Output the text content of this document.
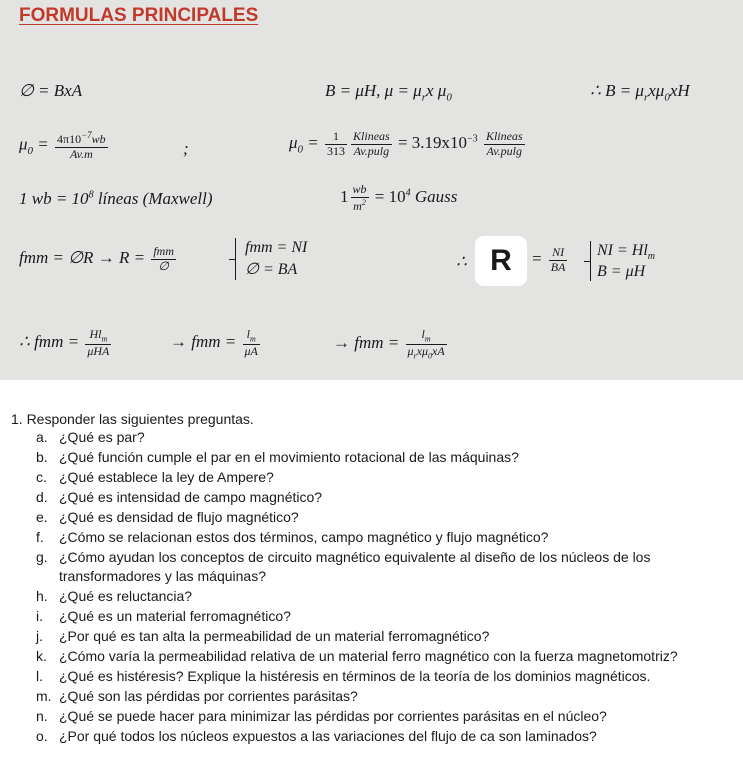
FORMULAS PRINCIPALES
∅ = BxA	B = μH, $\mu = \mu_rx$ $\mu_0$	∴ $B = \mu_rx\mu_0xH$
$\mu_0 = \frac{4\pi 10^{-7}wb}{Av.m}$	;	$\mu_0 = \frac{1}{313} \frac{\text{Klineas}}{Av.pulg} = 3.19x10^{-3} \frac{\text{Klineas}}{Av.pulg}$
1 wb = $10^8$ líneas (Maxwell)	$1 \frac{wb}{m^2} = 10^4$ Gauss
fmm = ∅R → $R = \frac{\text{fmm}}{\emptyset}$	fmm = NI
∅ = BA	∴ R	= $\frac{NI}{BA}$ NI = $Hl_m$
B = μH
∴ fmm = $\frac{Hl_m}{\text{μHA}}$	→ fmm = $\frac{l_m}{\mu A}$	→ fmm = $\frac{l_m}{\mu_rx\mu_0xA}$
1. Responder las siguientes preguntas.
a. ¿Qué es par?
b. ¿Qué función cumple el par en el movimiento rotacional de las máquinas?
c. ¿Qué establece la ley de Ampere?
d. ¿Qué es intensidad de campo magnético?
e. ¿Qué es densidad de flujo magnético?
f. ¿Cómo se relacionan estos dos términos, campo magnético y flujo magnético?
g. ¿Cómo ayudan los conceptos de circuito magnético equivalente al diseño de los núcleos de los transformadores y las máquinas?
h. ¿Qué es reluctancia?
i. ¿Qué es un material ferromagnético?
j. ¿Por qué es tan alta la permeabilidad de un material ferromagnético?
k. ¿Cómo varía la permeabilidad relativa de un material ferro magnético con la fuerza magnetomotriz?
l. ¿Qué es histéresis? Explique la histéresis en términos de la teoría de los dominios magnéticos.
m. ¿Qué son las pérdidas por corrientes parásitas?
n. ¿Qué se puede hacer para minimizar las pérdidas por corrientes parásitas en el núcleo?
o. ¿Por qué todos los núcleos expuestos a las variaciones del flujo de ca son laminados?
